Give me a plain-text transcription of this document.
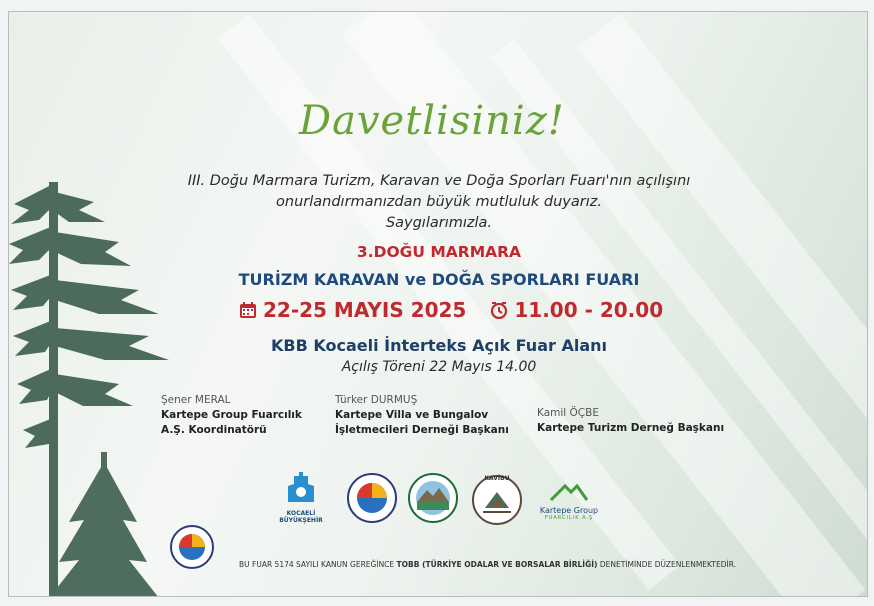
Davetlisiniz!
III. Doğu Marmara Turizm, Karavan ve Doğa Sporları Fuarı'nın açılışını
onurlandırmanızdan büyük mutluluk duyarız.
Saygılarımızla.
3.DOĞU MARMARA
TURİZM KARAVAN ve DOĞA SPORLARI FUARI
22-25 MAYIS 2025 11.00 - 20.00
KBB Kocaeli İnterteks Açık Fuar Alanı
Açılış Töreni 22 Mayıs 14.00
Şener MERAL
Kartepe Group Fuarcılık
A.Ş. Koordinatörü
Türker DURMUŞ
Kartepe Villa ve Bungalov
İşletmecileri Derneği Başkanı
Kamil ÖÇBE
Kartepe Turizm Derneğ Başkanı
KOCAELİ
BÜYÜKŞEHİR
KAVİBU
Kartepe Group
FUARCILIK A.Ş
BU FUAR 5174 SAYILI KANUN GEREĞİNCE TOBB (TÜRKİYE ODALAR VE BORSALAR BİRLİĞİ) DENETİMİNDE DÜZENLENMEKTEDİR.
